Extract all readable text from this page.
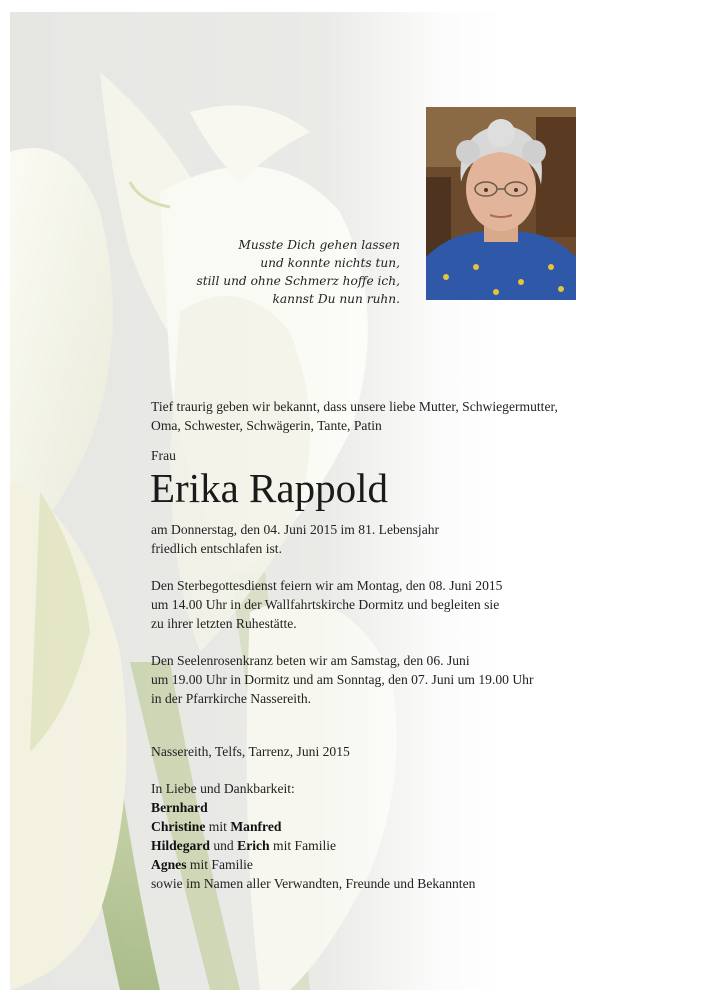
Musste Dich gehen lassen
und konnte nichts tun,
still und ohne Schmerz hoffe ich,
kannst Du nun ruhn.
Tief traurig geben wir bekannt, dass unsere liebe Mutter, Schwiegermutter,
Oma, Schwester, Schwägerin, Tante, Patin
Frau
Erika Rappold
am Donnerstag, den 04. Juni 2015 im 81. Lebensjahr
friedlich entschlafen ist.
Den Sterbegottesdienst feiern wir am Montag, den 08. Juni 2015
um 14.00 Uhr in der Wallfahrtskirche Dormitz und begleiten sie
zu ihrer letzten Ruhestätte.
Den Seelenrosenkranz beten wir am Samstag, den 06. Juni
um 19.00 Uhr in Dormitz und am Sonntag, den 07. Juni um 19.00 Uhr
in der Pfarrkirche Nassereith.
Nassereith, Telfs, Tarrenz, Juni 2015
In Liebe und Dankbarkeit:
Bernhard
Christine mit Manfred
Hildegard und Erich mit Familie
Agnes mit Familie
sowie im Namen aller Verwandten, Freunde und Bekannten
